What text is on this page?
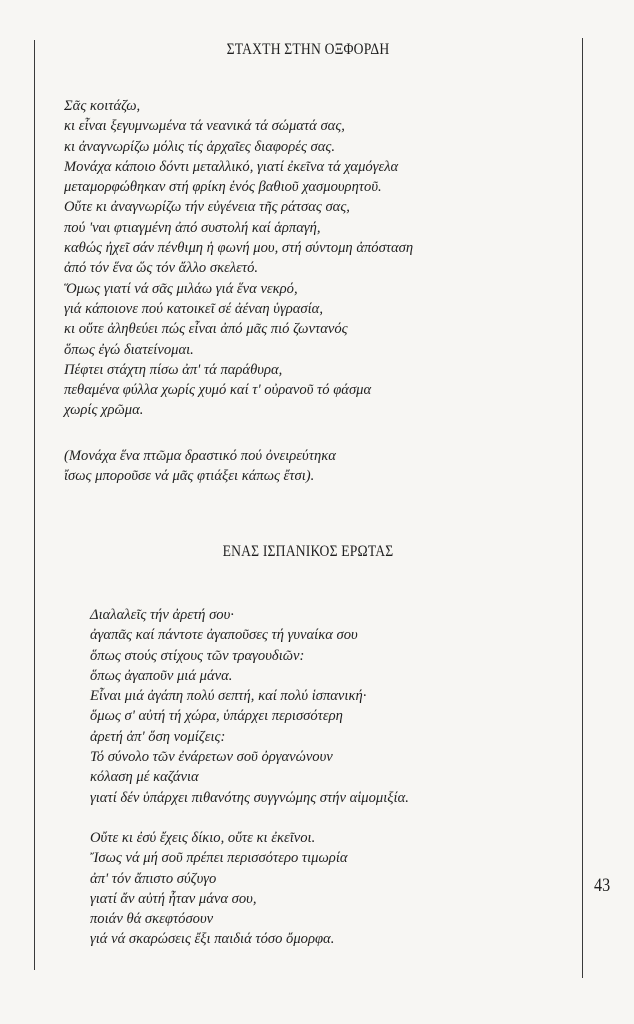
ΣΤΑΧΤΗ ΣΤΗΝ ΟΞΦΟΡΔΗ
Σᾶς κοιτάζω,
κι εἶναι ξεγυμνωμένα τά νεανικά τά σώματά σας,
κι ἀναγνωρίζω μόλις τίς ἀρχαῖες διαφορές σας.
Μονάχα κάποιο δόντι μεταλλικό, γιατί ἐκεῖνα τά χαμόγελα
μεταμορφώθηκαν στή φρίκη ἑνός βαθιοῦ χασμουρητοῦ.
Οὔτε κι ἀναγνωρίζω τήν εὐγένεια τῆς ράτσας σας,
πού 'ναι φτιαγμένη ἀπό συστολή καί ἁρπαγή,
καθώς ἠχεῖ σάν πένθιμη ἡ φωνή μου, στή σύντομη ἀπόσταση
ἀπό τόν ἕνα ὥς τόν ἄλλο σκελετό.
Ὅμως γιατί νά σᾶς μιλάω γιά ἕνα νεκρό,
γιά κάποιονε πού κατοικεῖ σέ ἀέναη ὑγρασία,
κι οὔτε ἀληθεύει πώς εἶναι ἀπό μᾶς πιό ζωντανός
ὅπως ἐγώ διατείνομαι.
Πέφτει στάχτη πίσω ἀπ' τά παράθυρα,
πεθαμένα φύλλα χωρίς χυμό καί τ' οὐρανοῦ τό φάσμα
χωρίς χρῶμα.
(Μονάχα ἕνα πτῶμα δραστικό πού ὀνειρεύτηκα
ἴσως μποροῦσε νά μᾶς φτιάξει κάπως ἔτσι).
ΕΝΑΣ ΙΣΠΑΝΙΚΟΣ ΕΡΩΤΑΣ
Διαλαλεῖς τήν ἀρετή σου·
ἀγαπᾶς καί πάντοτε ἀγαποῦσες τή γυναίκα σου
ὅπως στούς στίχους τῶν τραγουδιῶν:
ὅπως ἀγαποῦν μιά μάνα.
Εἶναι μιά ἀγάπη πολύ σεπτή, καί πολύ ἱσπανική·
ὅμως σ' αὐτή τή χώρα, ὑπάρχει περισσότερη
ἀρετή ἀπ' ὅση νομίζεις:
Τό σύνολο τῶν ἐνάρετων σοῦ ὀργανώνουν
κόλαση μέ καζάνια
γιατί δέν ὑπάρχει πιθανότης συγγνώμης στήν αἱμομιξία.
Οὔτε κι ἐσύ ἔχεις δίκιο, οὔτε κι ἐκεῖνοι.
Ἴσως νά μή σοῦ πρέπει περισσότερο τιμωρία
ἀπ' τόν ἄπιστο σύζυγο
γιατί ἄν αὐτή ἦταν μάνα σου,
ποιάν θά σκεφτόσουν
γιά νά σκαρώσεις ἔξι παιδιά τόσο ὄμορφα.
43
